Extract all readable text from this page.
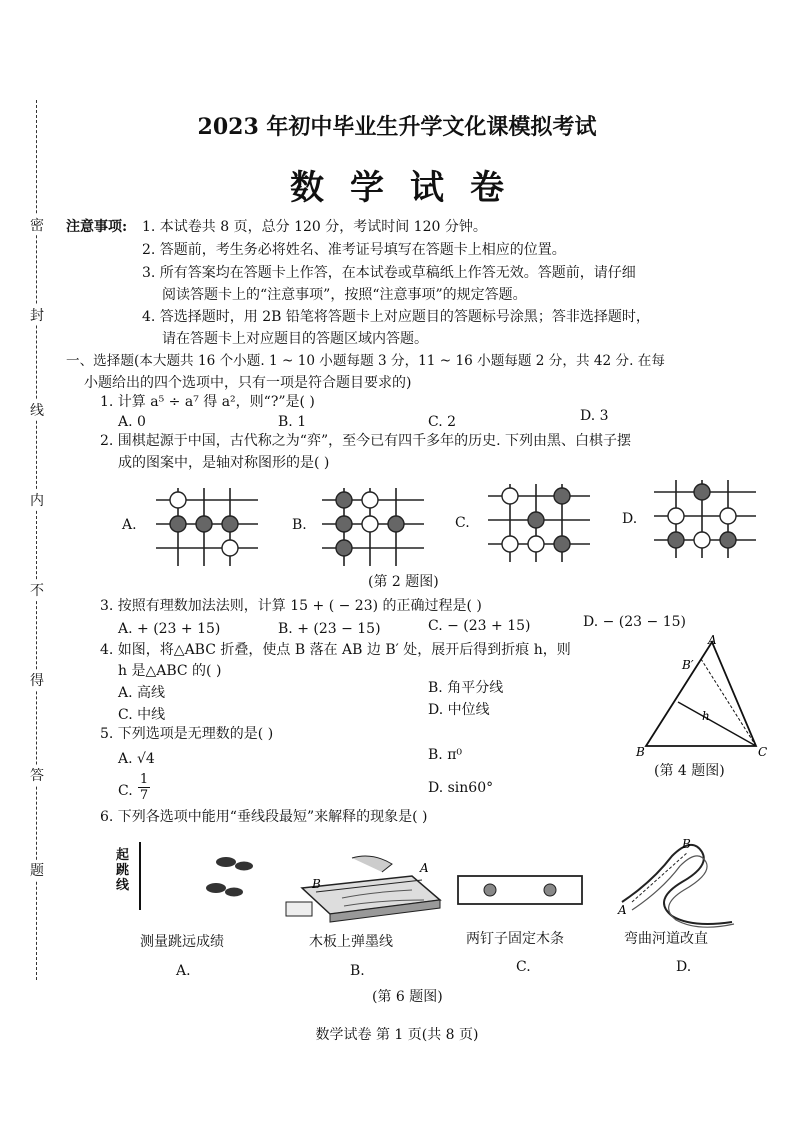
密
封
线
内
不
得
答
题
2023 年初中毕业生升学文化课模拟考试
数学试卷
注意事项: 1. 本试卷共 8 页，总分 120 分，考试时间 120 分钟。
2. 答题前，考生务必将姓名、准考证号填写在答题卡上相应的位置。
3. 所有答案均在答题卡上作答，在本试卷或草稿纸上作答无效。答题前，请仔细
阅读答题卡上的“注意事项”，按照“注意事项”的规定答题。
4. 答选择题时，用 2B 铅笔将答题卡上对应题目的答题标号涂黑；答非选择题时，
请在答题卡上对应题目的答题区域内答题。
一、选择题(本大题共 16 个小题. 1 ~ 10 小题每题 3 分，11 ~ 16 小题每题 2 分，共 42 分. 在每
小题给出的四个选项中，只有一项是符合题目要求的)
1. 计算 a⁵ ÷ a⁷ 得 a²，则“?”是( )
A. 0	B. 1	C. 2	D. 3
2. 围棋起源于中国，古代称之为“弈”，至今已有四千多年的历史. 下列由黑、白棋子摆
成的图案中，是轴对称图形的是( )
A.	B.	C.	D.
(第 2 题图)
3. 按照有理数加法法则，计算 15 + ( − 23) 的正确过程是( )
A. + (23 + 15)	B. + (23 − 15)	C. − (23 + 15)	D. − (23 − 15)
4. 如图，将△ABC 折叠，使点 B 落在 AB 边 B′ 处，展开后得到折痕 h，则
h 是△ABC 的( )
A. 高线	B. 角平分线
C. 中线	D. 中位线
A
B′
h
B	C
(第 4 题图)
5. 下列选项是无理数的是( )
A. √4	B. π⁰
C. $\frac{1}{7}$	D. sin60°
6. 下列各选项中能用“垂线段最短”来解释的现象是( )
起跳线	B
A
B
A
测量跳远成绩	木板上弹墨线	两钉子固定木条	弯曲河道改直
A.	B.	C.	D.
(第 6 题图)
数学试卷 第 1 页(共 8 页)
